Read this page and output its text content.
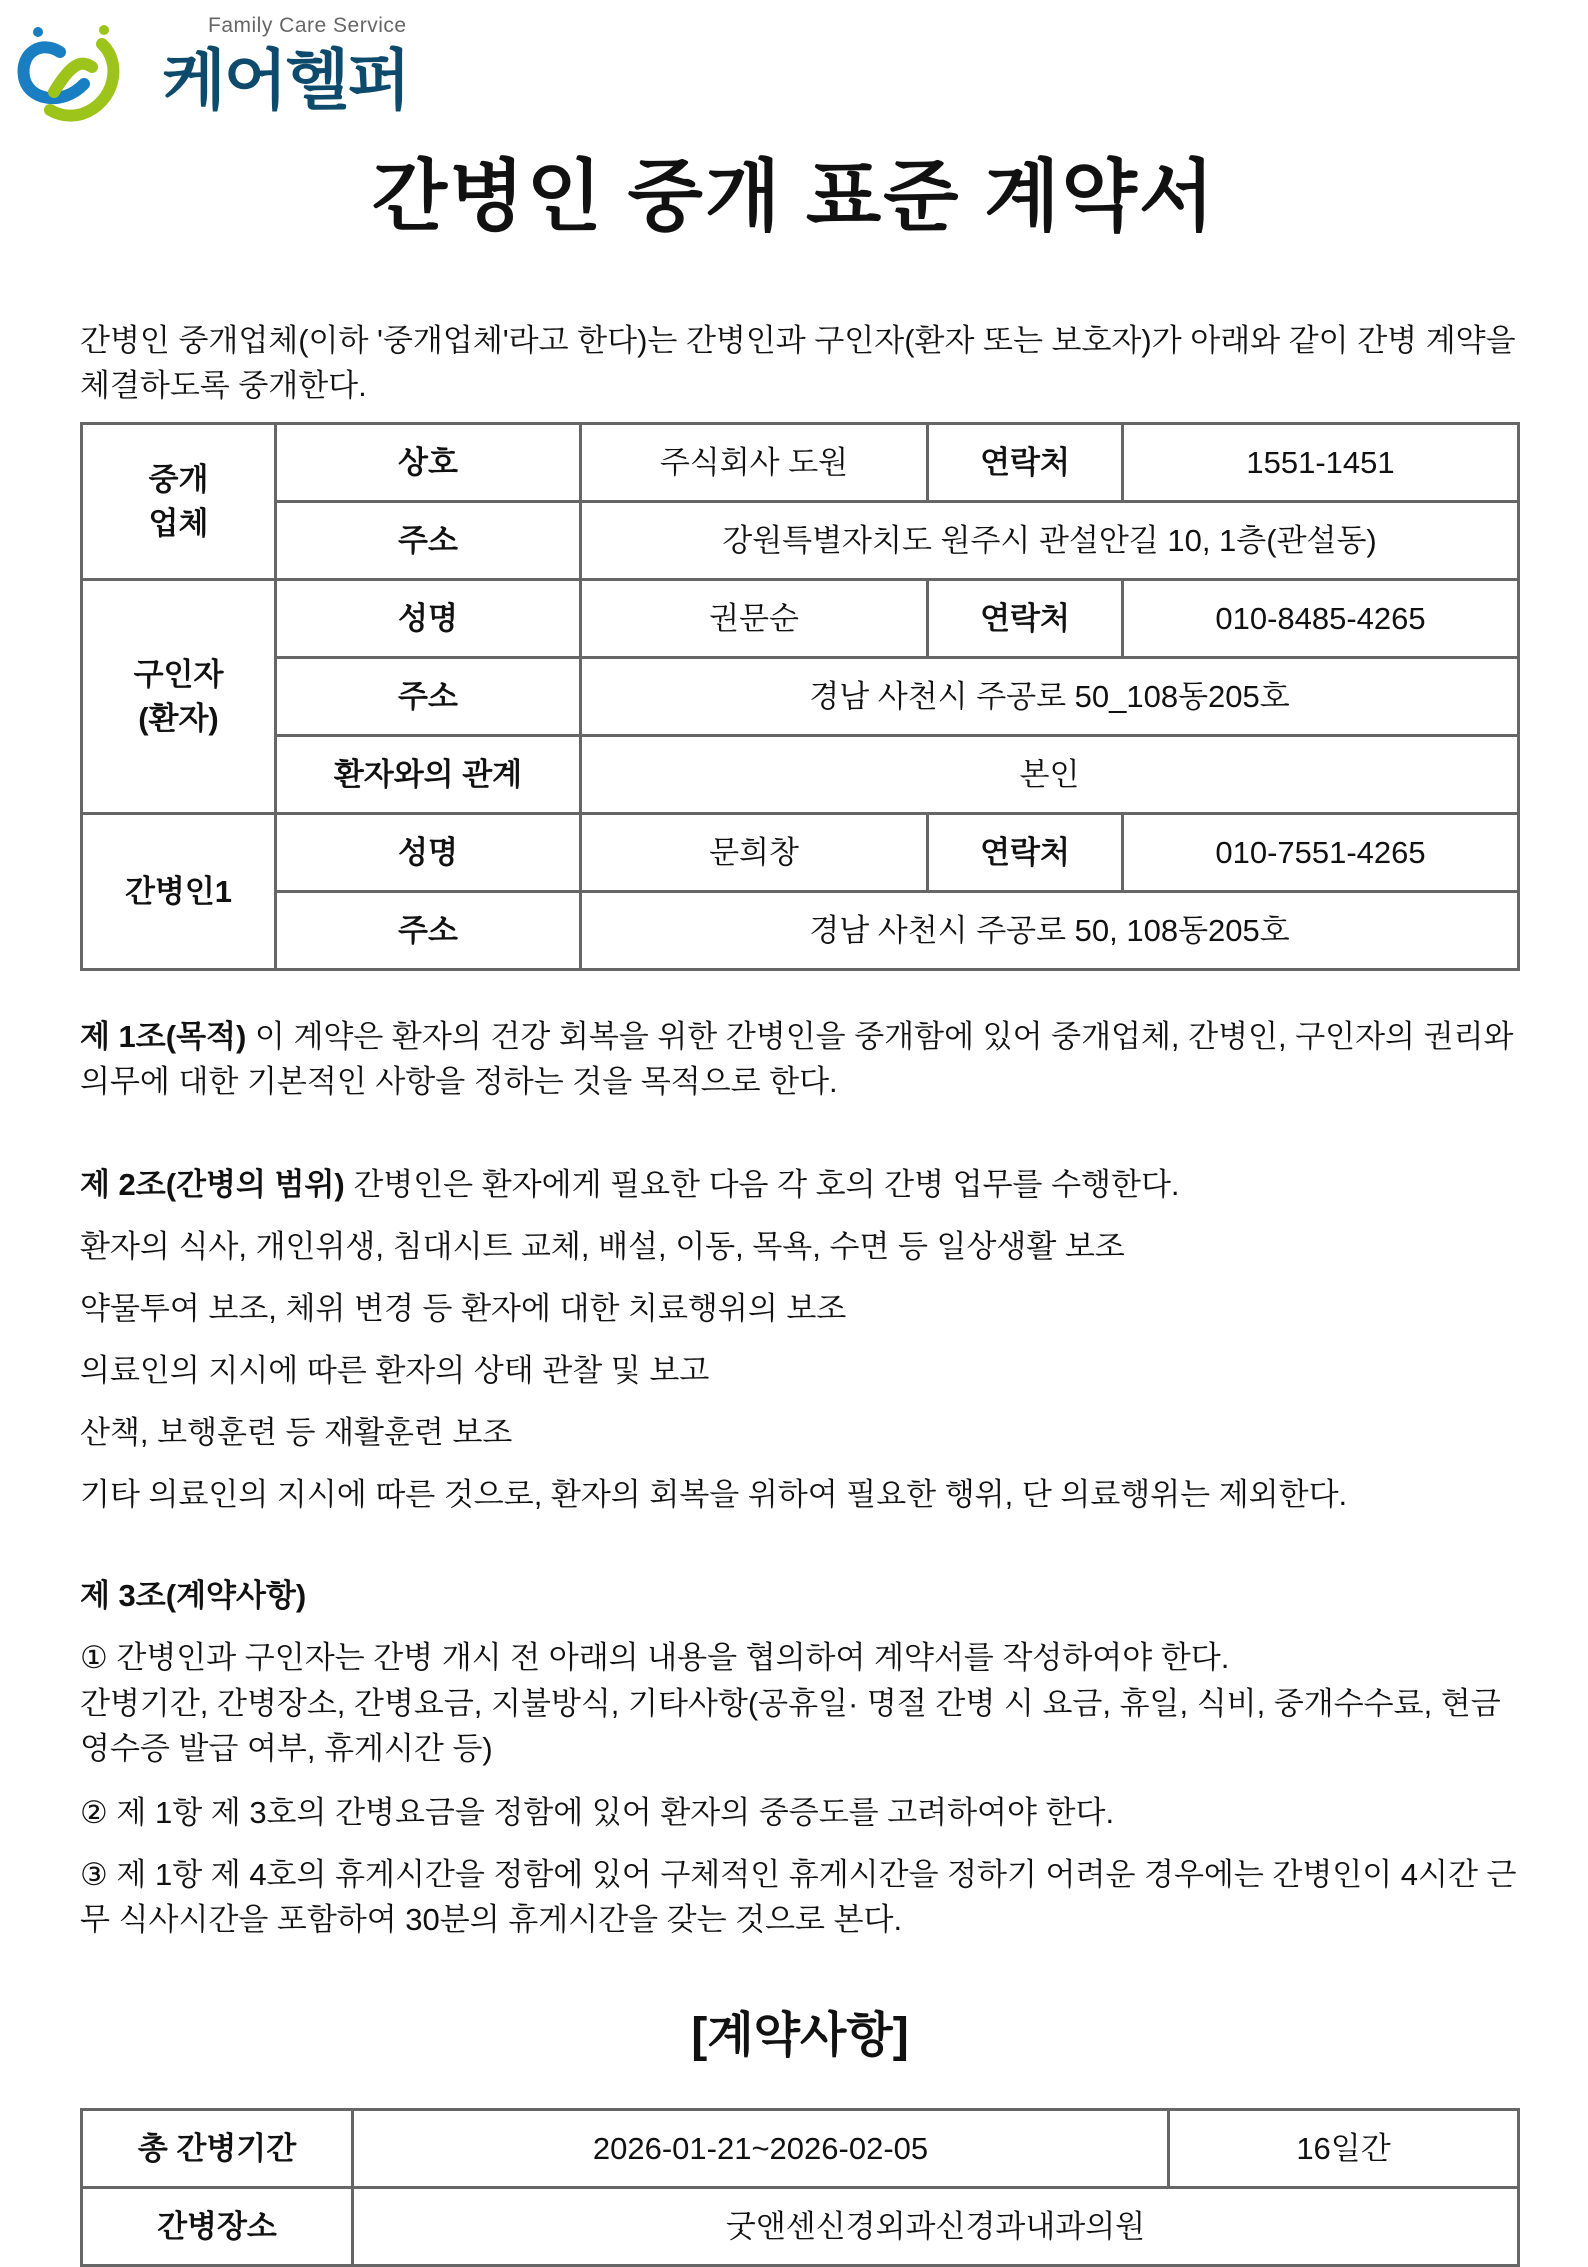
Family Care Service
케어헬퍼
간병인 중개 표준 계약서
간병인 중개업체(이하 '중개업체'라고 한다)는 간병인과 구인자(환자 또는 보호자)가 아래와 같이 간병 계약을 체결하도록 중개한다.
중개
업체	상호	주식회사 도원	연락처	1551-1451
	주소	강원특별자치도 원주시 관설안길 10, 1층(관설동)		
구인자
(환자)	성명	권문순	연락처	010-8485-4265
	주소	경남 사천시 주공로 50_108동205호		
	환자와의 관계	본인		
간병인1	성명	문희창	연락처	010-7551-4265
	주소	경남 사천시 주공로 50, 108동205호		
제 1조(목적) 이 계약은 환자의 건강 회복을 위한 간병인을 중개함에 있어 중개업체, 간병인, 구인자의 권리와 의무에 대한 기본적인 사항을 정하는 것을 목적으로 한다.
제 2조(간병의 범위) 간병인은 환자에게 필요한 다음 각 호의 간병 업무를 수행한다.
환자의 식사, 개인위생, 침대시트 교체, 배설, 이동, 목욕, 수면 등 일상생활 보조
약물투여 보조, 체위 변경 등 환자에 대한 치료행위의 보조
의료인의 지시에 따른 환자의 상태 관찰 및 보고
산책, 보행훈련 등 재활훈련 보조
기타 의료인의 지시에 따른 것으로, 환자의 회복을 위하여 필요한 행위, 단 의료행위는 제외한다.
제 3조(계약사항)
① 간병인과 구인자는 간병 개시 전 아래의 내용을 협의하여 계약서를 작성하여야 한다.
간병기간, 간병장소, 간병요금, 지불방식, 기타사항(공휴일· 명절 간병 시 요금, 휴일, 식비, 중개수수료, 현금영수증 발급 여부, 휴게시간 등)
② 제 1항 제 3호의 간병요금을 정함에 있어 환자의 중증도를 고려하여야 한다.
③ 제 1항 제 4호의 휴게시간을 정함에 있어 구체적인 휴게시간을 정하기 어려운 경우에는 간병인이 4시간 근무 식사시간을 포함하여 30분의 휴게시간을 갖는 것으로 본다.
[계약사항]
총 간병기간	2026-01-21~2026-02-05	16일간
간병장소	굿앤센신경외과신경과내과의원	
